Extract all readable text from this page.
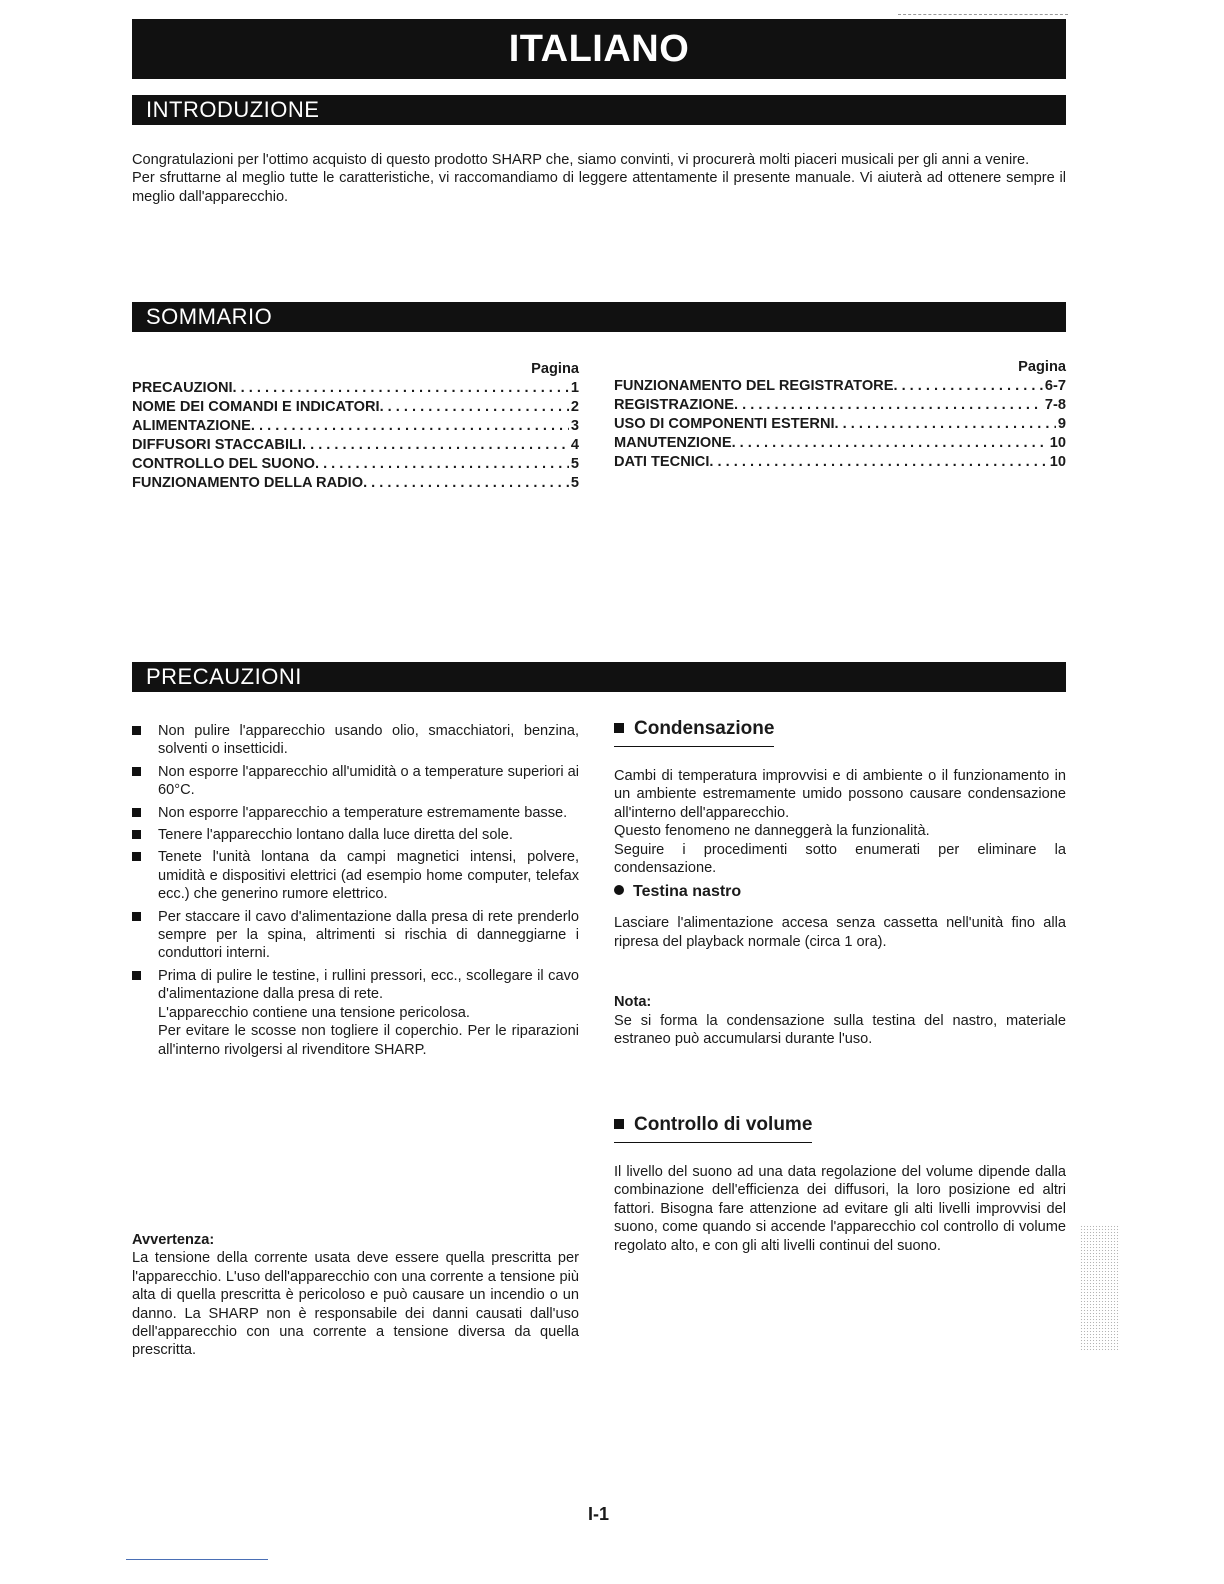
ITALIANO
INTRODUZIONE

Congratulazioni per l'ottimo acquisto di questo prodotto SHARP che, siamo convinti, vi procurerà molti piaceri musicali per gli anni a venire.

Per sfruttarne al meglio tutte le caratteristiche, vi raccomandiamo di leggere attentamente il presente manuale. Vi aiuterà ad ottenere sempre il meglio dall'apparecchio.

SOMMARIO
Pagina
PRECAUZIONI . . .	1
NOME DEI COMANDI E INDICATORI . . .	2
ALIMENTAZIONE . . .	3
DIFFUSORI STACCABILI . . .	4
CONTROLLO DEL SUONO . . .	5
FUNZIONAMENTO DELLA RADIO . . .	5
Pagina
FUNZIONAMENTO DEL REGISTRATORE . . .	6-7
REGISTRAZIONE . . .	7-8
USO DI COMPONENTI ESTERNI . . .	9
MANUTENZIONE . . .	10
DATI TECNICI . . .	10
PRECAUZIONI
Non pulire l'apparecchio usando olio, smacchiatori, benzina, solventi o insetticidi.
Non esporre l'apparecchio all'umidità o a temperature superiori ai 60°C.
Non esporre l'apparecchio a temperature estremamente basse.
Tenere l'apparecchio lontano dalla luce diretta del sole.
Tenete l'unità lontana da campi magnetici intensi, polvere, umidità e dispositivi elettrici (ad esempio home computer, telefax ecc.) che generino rumore elettrico.
Per staccare il cavo d'alimentazione dalla presa di rete prenderlo sempre per la spina, altrimenti si rischia di danneggiarne i conduttori interni.
Prima di pulire le testine, i rullini pressori, ecc., scollegare il cavo d'alimentazione dalla presa di rete.
L'apparecchio contiene una tensione pericolosa.
Per evitare le scosse non togliere il coperchio. Per le riparazioni all'interno rivolgersi al rivenditore SHARP.
Avvertenza:
La tensione della corrente usata deve essere quella prescritta per l'apparecchio. L'uso dell'apparecchio con una corrente a tensione più alta di quella prescritta è pericoloso e può causare un incendio o un danno. La SHARP non è responsabile dei danni causati dall'uso dell'apparecchio con una corrente a tensione diversa da quella prescritta.
Condensazione
Cambi di temperatura improvvisi e di ambiente o il funzionamento in un ambiente estremamente umido possono causare condensazione all'interno dell'apparecchio.
Questo fenomeno ne danneggerà la funzionalità.
Seguire i procedimenti sotto enumerati per eliminare la condensazione.
Testina nastro
Lasciare l'alimentazione accesa senza cassetta nell'unità fino alla ripresa del playback normale (circa 1 ora).
Nota:
Se si forma la condensazione sulla testina del nastro, materiale estraneo può accumularsi durante l'uso.
Controllo di volume
Il livello del suono ad una data regolazione del volume dipende dalla combinazione dell'efficienza dei diffusori, la loro posizione ed altri fattori. Bisogna fare attenzione ad evitare gli alti livelli improvvisi del suono, come quando si accende l'apparecchio col controllo di volume regolato alto, e con gli alti livelli continui del suono.
I-1
